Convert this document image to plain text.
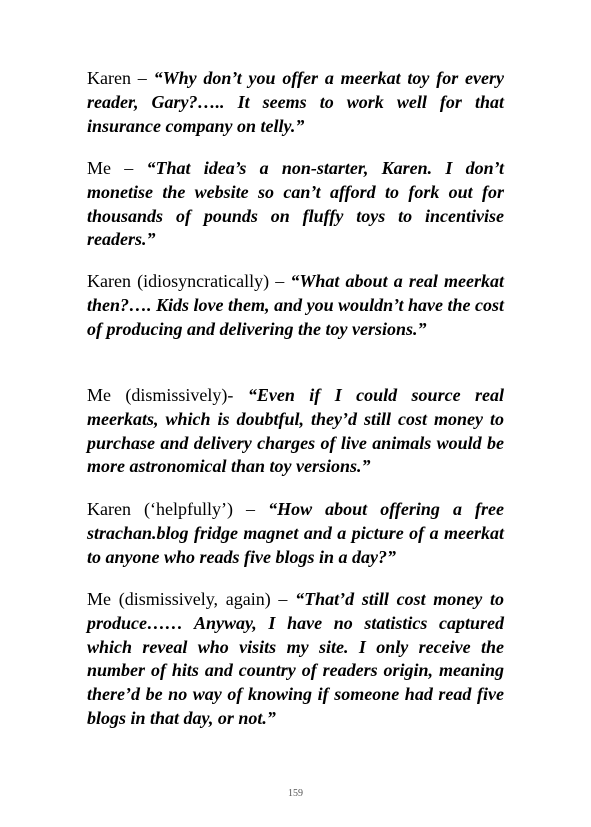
Karen – “Why don’t you offer a meerkat toy for every reader, Gary?….. It seems to work well for that insurance company on telly.”

Me – “That idea’s a non-starter, Karen. I don’t monetise the website so can’t afford to fork out for thousands of pounds on fluffy toys to incentivise readers.”

Karen (idiosyncratically) – “What about a real meerkat then?…. Kids love them, and you wouldn’t have the cost of producing and delivering the toy versions.”

Me (dismissively)- “Even if I could source real meerkats, which is doubtful, they’d still cost money to purchase and delivery charges of live animals would be more astronomical than toy versions.”

Karen (‘helpfully’) – “How about offering a free strachan.blog fridge magnet and a picture of a meerkat to anyone who reads five blogs in a day?”

Me (dismissively, again) – “That’d still cost money to produce…… Anyway, I have no statistics captured which reveal who visits my site. I only receive the number of hits and country of readers origin, meaning there’d be no way of knowing if someone had read five blogs in that day, or not.”

159
